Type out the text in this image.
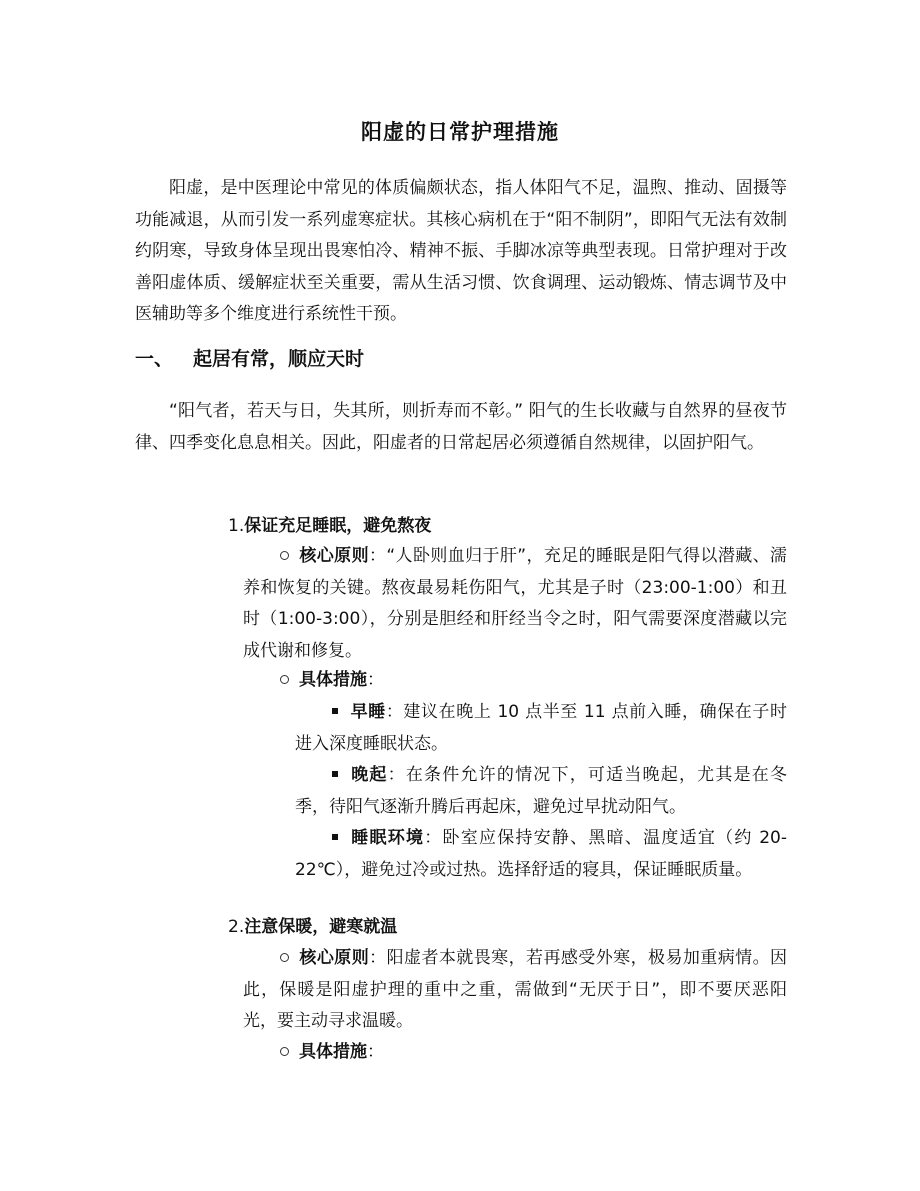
阳虚的日常护理措施

阳虚，是中医理论中常见的体质偏颇状态，指人体阳气不足，温煦、推动、固摄等功能减退，从而引发一系列虚寒症状。其核心病机在于“阳不制阴”，即阳气无法有效制约阴寒，导致身体呈现出畏寒怕冷、精神不振、手脚冰凉等典型表现。日常护理对于改善阳虚体质、缓解症状至关重要，需从生活习惯、饮食调理、运动锻炼、情志调节及中医辅助等多个维度进行系统性干预。

一、 起居有常，顺应天时

“阳气者，若天与日，失其所，则折寿而不彰。” 阳气的生长收藏与自然界的昼夜节律、四季变化息息相关。因此，阳虚者的日常起居必须遵循自然规律，以固护阳气。

1.保证充足睡眠，避免熬夜

核心原则：“人卧则血归于肝”，充足的睡眠是阳气得以潜藏、濡养和恢复的关键。熬夜最易耗伤阳气，尤其是子时（23:00-1:00）和丑时（1:00-3:00），分别是胆经和肝经当令之时，阳气需要深度潜藏以完成代谢和修复。

具体措施：

早睡：建议在晚上 10 点半至 11 点前入睡，确保在子时进入深度睡眠状态。

晚起：在条件允许的情况下，可适当晚起，尤其是在冬季，待阳气逐渐升腾后再起床，避免过早扰动阳气。

睡眠环境：卧室应保持安静、黑暗、温度适宜（约 20-22℃），避免过冷或过热。选择舒适的寝具，保证睡眠质量。

2.注意保暖，避寒就温

核心原则：阳虚者本就畏寒，若再感受外寒，极易加重病情。因此，保暖是阳虚护理的重中之重，需做到“无厌于日”，即不要厌恶阳光，要主动寻求温暖。

具体措施：
